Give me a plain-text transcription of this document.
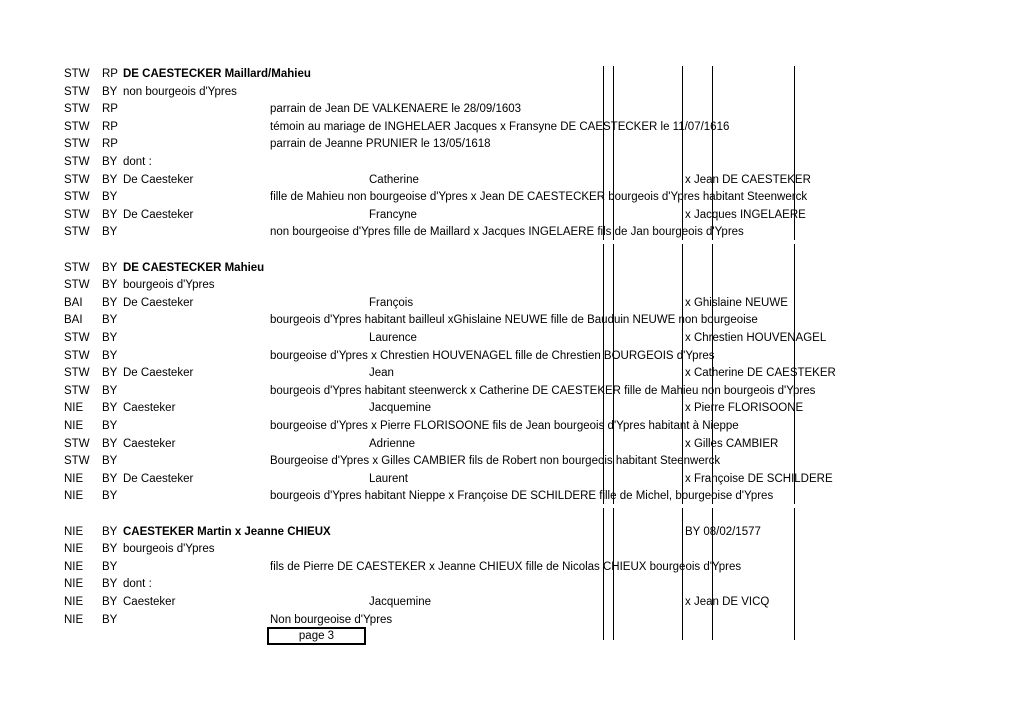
STW RP DE CAESTECKER Maillard/Mahieu
STW BY non bourgeois d'Ypres
STW RP	parrain de Jean DE VALKENAERE le 28/09/1603
STW RP	témoin au mariage de INGHELAER Jacques x Fransyne DE CAESTECKER le 11/07/1616
STW RP	parrain de Jeanne PRUNIER le 13/05/1618
STW BY dont :
STW BY De Caesteker	Catherine	x Jean DE CAESTEKER
STW BY	fille de Mahieu non bourgeoise d'Ypres x Jean DE CAESTECKER bourgeois d'Ypres habitant Steenwerck
STW BY De Caesteker	Francyne	x Jacques INGELAERE
STW BY	non bourgeoise d'Ypres fille de Maillard x Jacques INGELAERE fils de Jan bourgeois d'Ypres
STW BY DE CAESTECKER Mahieu
STW BY bourgeois d'Ypres
BAI BY De Caesteker	François	x Ghislaine NEUWE
BAI BY	bourgeois d'Ypres habitant bailleul xGhislaine NEUWE fille de Bauduin NEUWE non bourgeoise
STW BY	Laurence	x Chrestien HOUVENAGEL
STW BY	bourgeoise d'Ypres x Chrestien HOUVENAGEL fille de Chrestien BOURGEOIS d'Ypres
STW BY De Caesteker	Jean	x Catherine DE CAESTEKER
STW BY	bourgeois d'Ypres habitant steenwerck x Catherine DE CAESTEKER fille de Mahieu non bourgeois d'Ypres
NIE BY Caesteker	Jacquemine	x Pierre FLORISOONE
NIE BY	bourgeoise d'Ypres x Pierre FLORISOONE fils de Jean bourgeois d'Ypres habitant à Nieppe
STW BY Caesteker	Adrienne	x Gilles CAMBIER
STW BY	Bourgeoise d'Ypres x Gilles CAMBIER fils de Robert non bourgeois habitant Steenwerck
NIE BY De Caesteker	Laurent	x Françoise DE SCHILDERE
NIE BY	bourgeois d'Ypres habitant Nieppe x Françoise DE SCHILDERE fille de Michel, bourgeoise d'Ypres
NIE BY CAESTEKER Martin x Jeanne CHIEUX	BY 08/02/1577
NIE BY bourgeois d'Ypres
NIE BY	fils de Pierre DE CAESTEKER x Jeanne CHIEUX fille de Nicolas CHIEUX bourgeois d'Ypres
NIE BY dont :
NIE BY Caesteker	Jacquemine	x Jean DE VICQ
NIE BY	Non bourgeoise d'Ypres
page 3
